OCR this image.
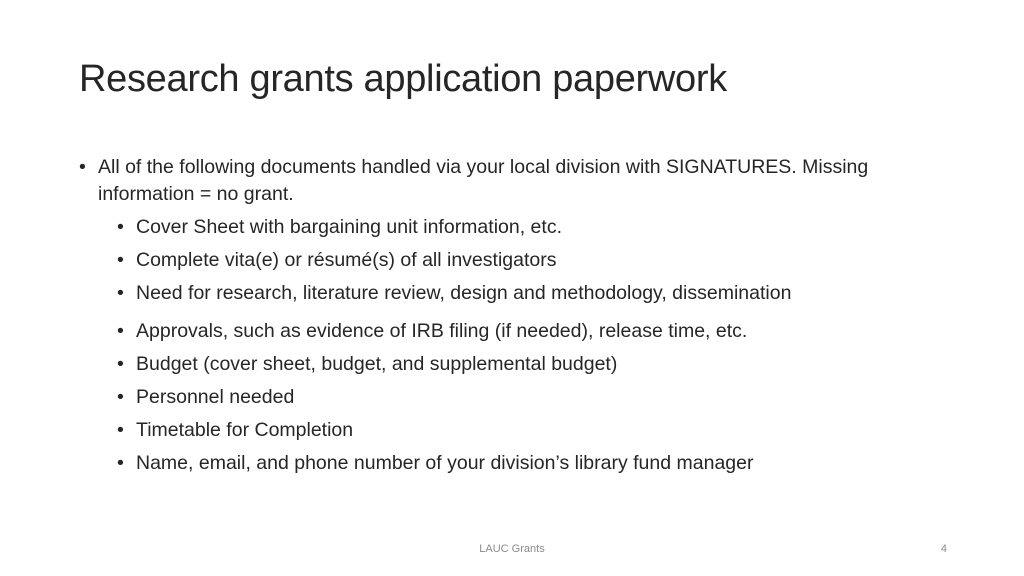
Research grants application paperwork
• All of the following documents handled via your local division with SIGNATURES. Missing information = no grant.
• Cover Sheet with bargaining unit information, etc.
• Complete vita(e) or résumé(s) of all investigators
• Need for research, literature review, design and methodology, dissemination
• Approvals, such as evidence of IRB filing (if needed), release time, etc.
• Budget (cover sheet, budget, and supplemental budget)
• Personnel needed
• Timetable for Completion
• Name, email, and phone number of your division’s library fund manager
LAUC Grants	4
